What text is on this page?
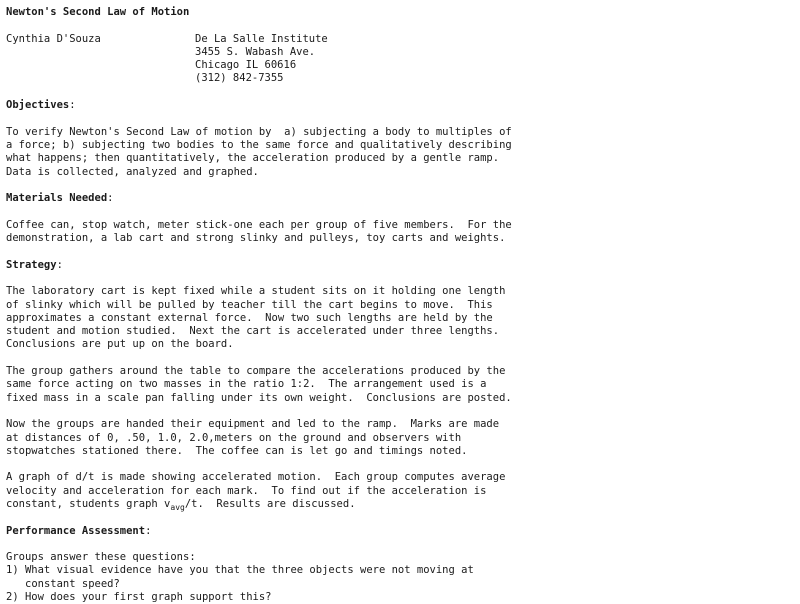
Newton's Second Law of Motion
Cynthia D'Souza	De La Salle Institute
3455 S. Wabash Ave.
Chicago IL 60616
(312) 842-7355
Objectives:
To verify Newton's Second Law of motion by  a) subjecting a body to multiples of
a force; b) subjecting two bodies to the same force and qualitatively describing
what happens; then quantitatively, the acceleration produced by a gentle ramp.
Data is collected, analyzed and graphed.
Materials Needed:
Coffee can, stop watch, meter stick-one each per group of five members.  For the
demonstration, a lab cart and strong slinky and pulleys, toy carts and weights.
Strategy:
The laboratory cart is kept fixed while a student sits on it holding one length
of slinky which will be pulled by teacher till the cart begins to move.  This
approximates a constant external force.  Now two such lengths are held by the
student and motion studied.  Next the cart is accelerated under three lengths.
Conclusions are put up on the board.
The group gathers around the table to compare the accelerations produced by the
same force acting on two masses in the ratio 1:2.  The arrangement used is a
fixed mass in a scale pan falling under its own weight.  Conclusions are posted.
Now the groups are handed their equipment and led to the ramp.  Marks are made
at distances of 0, .50, 1.0, 2.0,meters on the ground and observers with
stopwatches stationed there.  The coffee can is let go and timings noted.
A graph of d/t is made showing accelerated motion.  Each group computes average
velocity and acceleration for each mark.  To find out if the acceleration is
constant, students graph $v_{avg}/t$.  Results are discussed.
Performance Assessment:
Groups answer these questions:
1) What visual evidence have you that the three objects were not moving at
constant speed?
2) How does your first graph support this?
